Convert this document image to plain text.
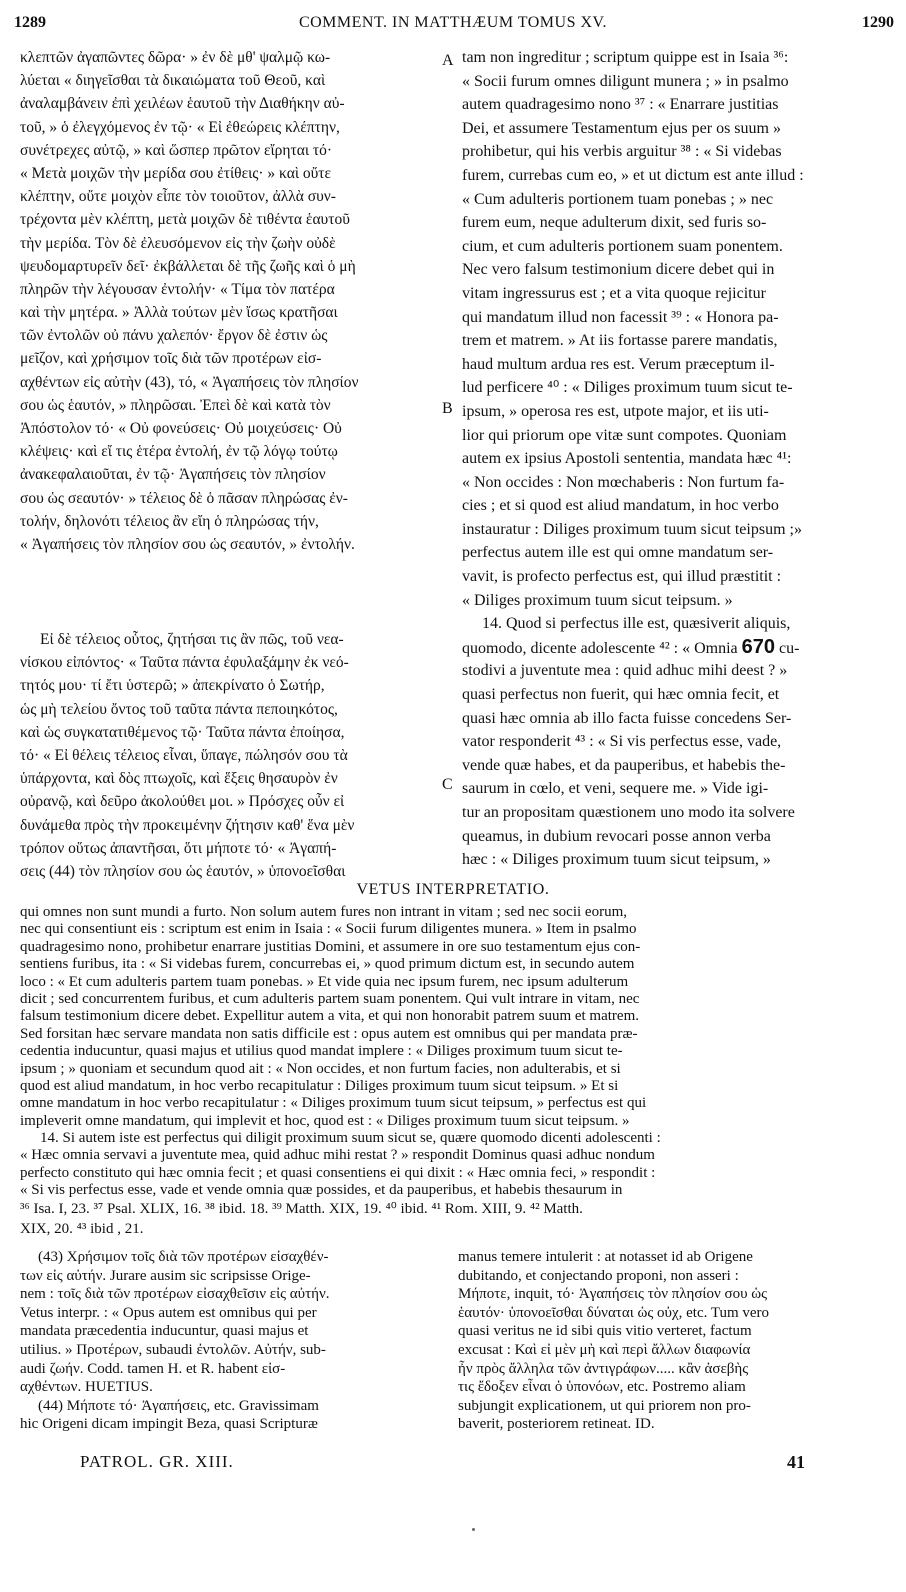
1289	COMMENT. IN MATTHÆUM TOMUS XV.	1290
A
B
C
κλεπτῶν ἀγαπῶντες δῶρα· » ἐν δὲ μθ' ψαλμῷ κω-
λύεται « διηγεῖσθαι τὰ δικαιώματα τοῦ Θεοῦ, καὶ
ἀναλαμβάνειν ἐπὶ χειλέων ἑαυτοῦ τὴν Διαθήκην αὐ-
τοῦ, » ὁ ἐλεγχόμενος ἐν τῷ· « Εἰ ἐθεώρεις κλέπτην,
συνέτρεχες αὐτῷ, » καὶ ὥσπερ πρῶτον εἴρηται τό·
« Μετὰ μοιχῶν τὴν μερίδα σου ἐτίθεις· » καὶ οὔτε
κλέπτην, οὔτε μοιχὸν εἶπε τὸν τοιοῦτον, ἀλλὰ συν-
τρέχοντα μὲν κλέπτη, μετὰ μοιχῶν δὲ τιθέντα ἑαυτοῦ
τὴν μερίδα. Τὸν δὲ ἐλευσόμενον εἰς τὴν ζωὴν οὐδὲ
ψευδομαρτυρεῖν δεῖ· ἐκβάλλεται δὲ τῆς ζωῆς καὶ ὁ μὴ
πληρῶν τὴν λέγουσαν ἐντολήν· « Τίμα τὸν πατέρα
καὶ τὴν μητέρα. » Ἀλλὰ τούτων μὲν ἴσως κρατῆσαι
τῶν ἐντολῶν οὐ πάνυ χαλεπόν· ἔργον δὲ ἐστιν ὡς
μεῖζον, καὶ χρήσιμον τοῖς διὰ τῶν προτέρων εἰσ-
αχθέντων εἰς αὐτὴν (43), τό, « Ἀγαπήσεις τὸν πλησίον
σου ὡς ἑαυτόν, » πληρῶσαι. Ἐπεὶ δὲ καὶ κατὰ τὸν
Ἀπόστολον τό· « Οὐ φονεύσεις· Οὐ μοιχεύσεις· Οὐ
κλέψεις· καὶ εἴ τις ἑτέρα ἐντολή, ἐν τῷ λόγῳ τούτῳ
ἀνακεφαλαιοῦται, ἐν τῷ· Ἀγαπήσεις τὸν πλησίον
σου ὡς σεαυτόν· » τέλειος δὲ ὁ πᾶσαν πληρώσας ἐν-
τολήν, δηλονότι τέλειος ἂν εἴη ὁ πληρώσας τήν,
« Ἀγαπήσεις τὸν πλησίον σου ὡς σεαυτόν, » ἐντολήν.
Εἰ δὲ τέλειος οὗτος, ζητήσαι τις ἂν πῶς, τοῦ νεα-
νίσκου εἰπόντος· « Ταῦτα πάντα ἐφυλαξάμην ἐκ νεό-
τητός μου· τί ἔτι ὑστερῶ; » ἀπεκρίνατο ὁ Σωτήρ,
ὡς μὴ τελείου ὄντος τοῦ ταῦτα πάντα πεποιηκότος,
καὶ ὡς συγκατατιθέμενος τῷ· Ταῦτα πάντα ἐποίησα,
τό· « Εἰ θέλεις τέλειος εἶναι, ὕπαγε, πώλησόν σου τὰ
ὑπάρχοντα, καὶ δὸς πτωχοῖς, καὶ ἕξεις θησαυρὸν ἐν
οὐρανῷ, καὶ δεῦρο ἀκολούθει μοι. » Πρόσχες οὖν εἰ
δυνάμεθα πρὸς τὴν προκειμένην ζήτησιν καθ' ἕνα μὲν
τρόπον οὕτως ἀπαντῆσαι, ὅτι μήποτε τό· « Ἀγαπή-
σεις (44) τὸν πλησίον σου ὡς ἑαυτόν, » ὑπονοεῖσθαι
tam non ingreditur ; scriptum quippe est in Isaia ³⁶:
« Socii furum omnes diligunt munera ; » in psalmo
autem quadragesimo nono ³⁷ : « Enarrare justitias
Dei, et assumere Testamentum ejus per os suum »
prohibetur, qui his verbis arguitur ³⁸ : « Si videbas
furem, currebas cum eo, » et ut dictum est ante illud :
« Cum adulteris portionem tuam ponebas ; » nec
furem eum, neque adulterum dixit, sed furis so-
cium, et cum adulteris portionem suam ponentem.
Nec vero falsum testimonium dicere debet qui in
vitam ingressurus est ; et a vita quoque rejicitur
qui mandatum illud non facessit ³⁹ : « Honora pa-
trem et matrem. » At iis fortasse parere mandatis,
haud multum ardua res est. Verum præceptum il-
lud perficere ⁴⁰ : « Diliges proximum tuum sicut te-
ipsum, » operosa res est, utpote major, et iis uti-
lior qui priorum ope vitæ sunt compotes. Quoniam
autem ex ipsius Apostoli sententia, mandata hæc ⁴¹:
« Non occides : Non mœchaberis : Non furtum fa-
cies ; et si quod est aliud mandatum, in hoc verbo
instauratur : Diliges proximum tuum sicut teipsum ;»
perfectus autem ille est qui omne mandatum ser-
vavit, is profecto perfectus est, qui illud præstitit :
« Diliges proximum tuum sicut teipsum. »
14. Quod si perfectus ille est, quæsiverit aliquis,
quomodo, dicente adolescente ⁴² : « Omnia 670 cu-
stodivi a juventute mea : quid adhuc mihi deest ? »
quasi perfectus non fuerit, qui hæc omnia fecit, et
quasi hæc omnia ab illo facta fuisse concedens Ser-
vator responderit ⁴³ : « Si vis perfectus esse, vade,
vende quæ habes, et da pauperibus, et habebis the-
saurum in cœlo, et veni, sequere me. » Vide igi-
tur an propositam quæstionem uno modo ita solvere
queamus, in dubium revocari posse annon verba
hæc : « Diliges proximum tuum sicut teipsum, »
VETUS INTERPRETATIO.
qui omnes non sunt mundi a furto. Non solum autem fures non intrant in vitam ; sed nec socii eorum,
nec qui consentiunt eis : scriptum est enim in Isaia : « Socii furum diligentes munera. » Item in psalmo
quadragesimo nono, prohibetur enarrare justitias Domini, et assumere in ore suo testamentum ejus con-
sentiens furibus, ita : « Si videbas furem, concurrebas ei, » quod primum dictum est, in secundo autem
loco : « Et cum adulteris partem tuam ponebas. » Et vide quia nec ipsum furem, nec ipsum adulterum
dicit ; sed concurrentem furibus, et cum adulteris partem suam ponentem. Qui vult intrare in vitam, nec
falsum testimonium dicere debet. Expellitur autem a vita, et qui non honorabit patrem suum et matrem.
Sed forsitan hæc servare mandata non satis difficile est : opus autem est omnibus qui per mandata præ-
cedentia inducuntur, quasi majus et utilius quod mandat implere : « Diliges proximum tuum sicut te-
ipsum ; » quoniam et secundum quod ait : « Non occides, et non furtum facies, non adulterabis, et si
quod est aliud mandatum, in hoc verbo recapitulatur : Diliges proximum tuum sicut teipsum. » Et si
omne mandatum in hoc verbo recapitulatur : « Diliges proximum tuum sicut teipsum, » perfectus est qui
impleverit omne mandatum, qui implevit et hoc, quod est : « Diliges proximum tuum sicut teipsum. »
14. Si autem iste est perfectus qui diligit proximum suum sicut se, quære quomodo dicenti adolescenti :
« Hæc omnia servavi a juventute mea, quid adhuc mihi restat ? » respondit Dominus quasi adhuc nondum
perfecto constituto qui hæc omnia fecit ; et quasi consentiens ei qui dixit : « Hæc omnia feci, » respondit :
« Si vis perfectus esse, vade et vende omnia quæ possides, et da pauperibus, et habebis thesaurum in
³⁶ Isa. I, 23. ³⁷ Psal. XLIX, 16. ³⁸ ibid. 18. ³⁹ Matth. XIX, 19. ⁴⁰ ibid. ⁴¹ Rom. XIII, 9. ⁴² Matth.
XIX, 20. ⁴³ ibid , 21.
(43) Χρήσιμον τοῖς διὰ τῶν προτέρων εἰσαχθέν-
των εἰς αὐτήν. Jurare ausim sic scripsisse Orige-
nem : τοῖς διὰ τῶν προτέρων εἰσαχθεῖσιν εἰς αὐτήν.
Vetus interpr. : « Opus autem est omnibus qui per
mandata præcedentia inducuntur, quasi majus et
utilius. » Προτέρων, subaudi ἐντολῶν. Αὐτήν, sub-
audi ζωήν. Codd. tamen H. et R. habent εἰσ-
αχθέντων. HUETIUS.
(44) Μήποτε τό· Ἀγαπήσεις, etc. Gravissimam
hic Origeni dicam impingit Beza, quasi Scripturæ
manus temere intulerit : at notasset id ab Origene
dubitando, et conjectando proponi, non asseri :
Μήποτε, inquit, τό· Ἀγαπήσεις τὸν πλησίον σου ὡς
ἑαυτόν· ὑπονοεῖσθαι δύναται ὡς οὐχ, etc. Tum vero
quasi veritus ne id sibi quis vitio verteret, factum
excusat : Καὶ εἰ μὲν μὴ καὶ περὶ ἄλλων διαφωνία
ἦν πρὸς ἄλληλα τῶν ἀντιγράφων..... κἂν ἀσεβὴς
τις ἔδοξεν εἶναι ὁ ὑπονόων, etc. Postremo aliam
subjungit explicationem, ut qui priorem non pro-
baverit, posteriorem retineat. ID.
PATROL. GR. XIII.	41
